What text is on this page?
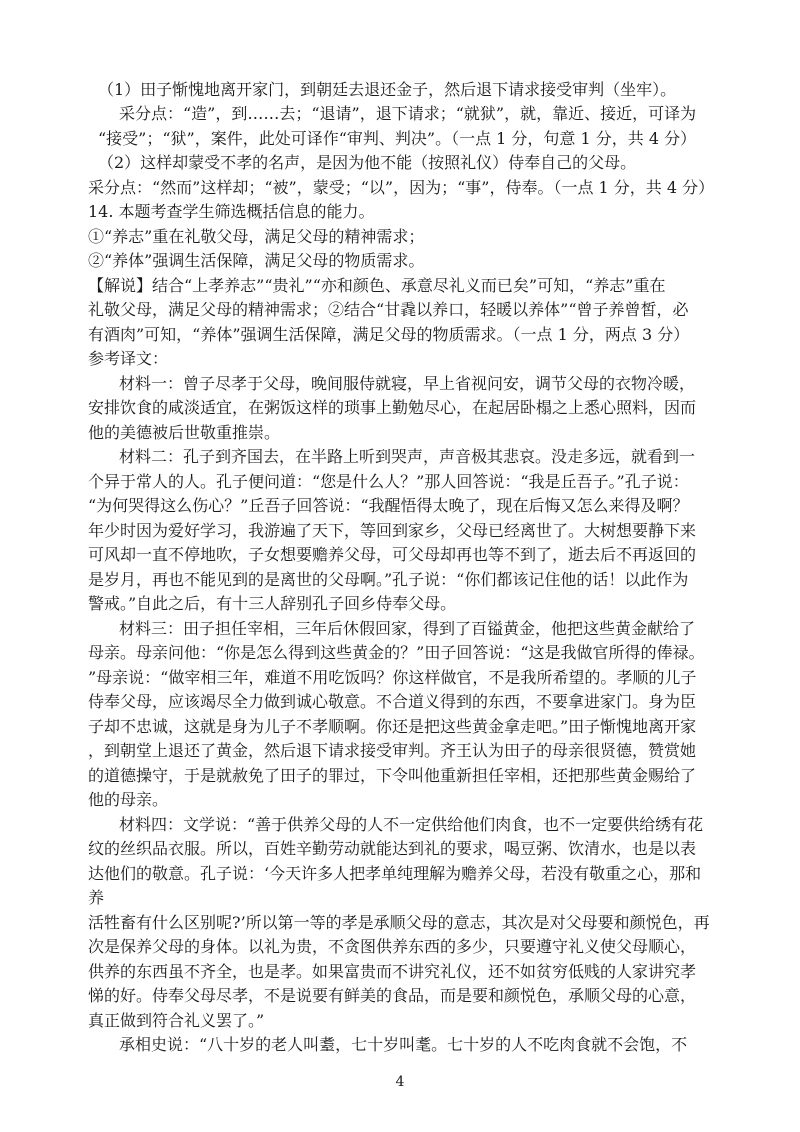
（1）田子惭愧地离开家门，到朝廷去退还金子，然后退下请求接受审判（坐牢）。
采分点：“造”，到……去；“退请”，退下请求；“就狱”，就，靠近、接近，可译为
“接受”；“狱”，案件，此处可译作“审判、判决”。（一点 1 分，句意 1 分，共 4 分）
（2）这样却蒙受不孝的名声，是因为他不能（按照礼仪）侍奉自己的父母。
采分点：“然而”这样却；“被”，蒙受；“以”，因为；“事”，侍奉。（一点 1 分，共 4 分）
14. 本题考查学生筛选概括信息的能力。
①“养志”重在礼敬父母，满足父母的精神需求；
②“养体”强调生活保障，满足父母的物质需求。
【解说】结合“上孝养志”“贵礼”“亦和颜色、承意尽礼义而已矣”可知，“养志”重在
礼敬父母，满足父母的精神需求；②结合“甘毳以养口，轻暖以养体”“曾子养曾皙，必
有酒肉”可知，“养体”强调生活保障，满足父母的物质需求。（一点 1 分，两点 3 分）
参考译文：
材料一：曾子尽孝于父母，晚间服侍就寝，早上省视问安，调节父母的衣物冷暖，
安排饮食的咸淡适宜，在粥饭这样的琐事上勤勉尽心，在起居卧榻之上悉心照料，因而
他的美德被后世敬重推崇。
材料二：孔子到齐国去，在半路上听到哭声，声音极其悲哀。没走多远，就看到一
个异于常人的人。孔子便问道：“您是什么人？”那人回答说：“我是丘吾子。”孔子说：
“为何哭得这么伤心？”丘吾子回答说：“我醒悟得太晚了，现在后悔又怎么来得及啊？
年少时因为爱好学习，我游遍了天下，等回到家乡，父母已经离世了。大树想要静下来
可风却一直不停地吹，子女想要赡养父母，可父母却再也等不到了，逝去后不再返回的
是岁月，再也不能见到的是离世的父母啊。”孔子说：“你们都该记住他的话！以此作为
警戒。”自此之后，有十三人辞别孔子回乡侍奉父母。
材料三：田子担任宰相，三年后休假回家，得到了百镒黄金，他把这些黄金献给了
母亲。母亲问他：“你是怎么得到这些黄金的？”田子回答说：“这是我做官所得的俸禄。
”母亲说：“做宰相三年，难道不用吃饭吗？你这样做官，不是我所希望的。孝顺的儿子
侍奉父母，应该竭尽全力做到诚心敬意。不合道义得到的东西，不要拿进家门。身为臣
子却不忠诚，这就是身为儿子不孝顺啊。你还是把这些黄金拿走吧。”田子惭愧地离开家
，到朝堂上退还了黄金，然后退下请求接受审判。齐王认为田子的母亲很贤德，赞赏她
的道德操守，于是就赦免了田子的罪过，下令叫他重新担任宰相，还把那些黄金赐给了
他的母亲。
材料四：文学说：“善于供养父母的人不一定供给他们肉食，也不一定要供给绣有花
纹的丝织品衣服。所以，百姓辛勤劳动就能达到礼的要求，喝豆粥、饮清水，也是以表
达他们的敬意。孔子说：‘今天许多人把孝单纯理解为赡养父母，若没有敬重之心，那和
养
活牲畜有什么区别呢?’所以第一等的孝是承顺父母的意志，其次是对父母要和颜悦色，再
次是保养父母的身体。以礼为贵，不贪图供养东西的多少，只要遵守礼义使父母顺心，
供养的东西虽不齐全，也是孝。如果富贵而不讲究礼仪，还不如贫穷低贱的人家讲究孝
悌的好。侍奉父母尽孝，不是说要有鲜美的食品，而是要和颜悦色，承顺父母的心意，
真正做到符合礼义罢了。”
承相史说：“八十岁的老人叫耋，七十岁叫耄。七十岁的人不吃肉食就不会饱，不
4
